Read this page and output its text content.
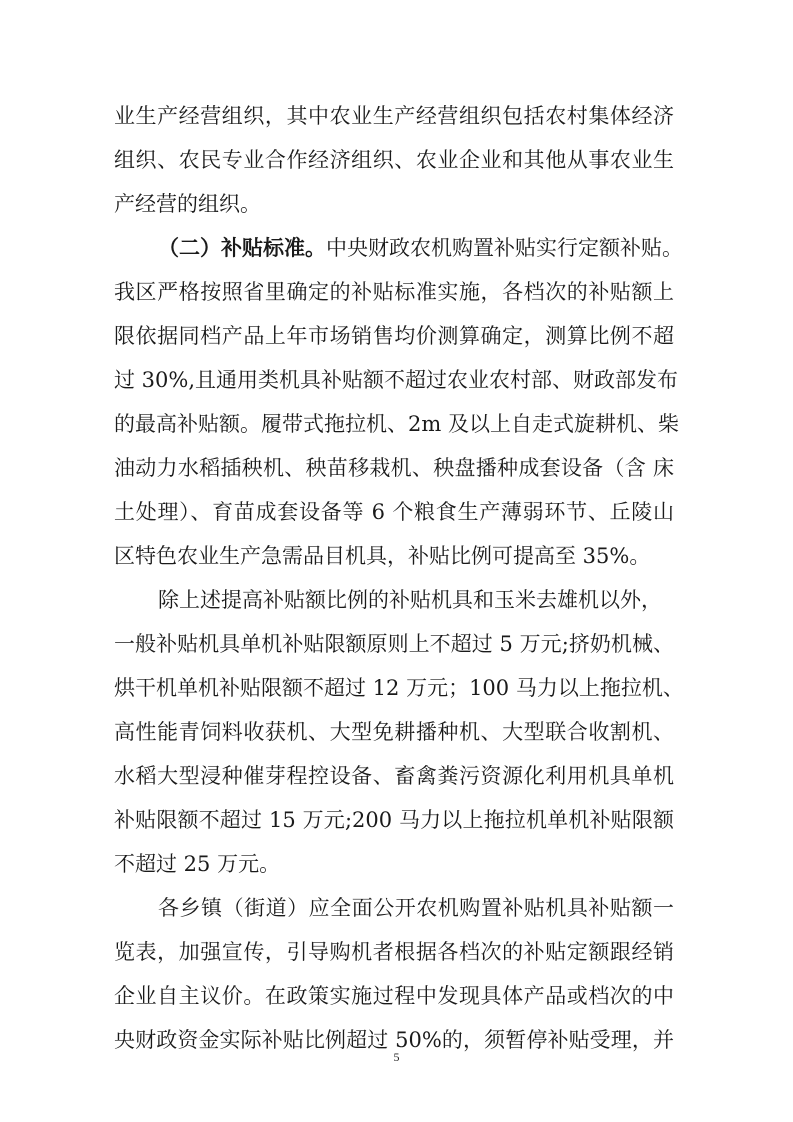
业生产经营组织，其中农业生产经营组织包括农村集体经济
组织、农民专业合作经济组织、农业企业和其他从事农业生
产经营的组织。
（二）补贴标准。中央财政农机购置补贴实行定额补贴。
我区严格按照省里确定的补贴标准实施，各档次的补贴额上
限依据同档产品上年市场销售均价测算确定，测算比例不超
过 30%,且通用类机具补贴额不超过农业农村部、财政部发布
的最高补贴额。履带式拖拉机、2m 及以上自走式旋耕机、柴
油动力水稻插秧机、秧苗移栽机、秧盘播种成套设备（含 床
土处理）、育苗成套设备等 6 个粮食生产薄弱环节、丘陵山
区特色农业生产急需品目机具，补贴比例可提高至 35%。
除上述提高补贴额比例的补贴机具和玉米去雄机以外，
一般补贴机具单机补贴限额原则上不超过 5 万元;挤奶机械、
烘干机单机补贴限额不超过 12 万元；100 马力以上拖拉机、
高性能青饲料收获机、大型免耕播种机、大型联合收割机、
水稻大型浸种催芽程控设备、畜禽粪污资源化利用机具单机
补贴限额不超过 15 万元;200 马力以上拖拉机单机补贴限额
不超过 25 万元。
各乡镇（街道）应全面公开农机购置补贴机具补贴额一
览表，加强宣传，引导购机者根据各档次的补贴定额跟经销
企业自主议价。在政策实施过程中发现具体产品或档次的中
央财政资金实际补贴比例超过 50%的，须暂停补贴受理，并
5
